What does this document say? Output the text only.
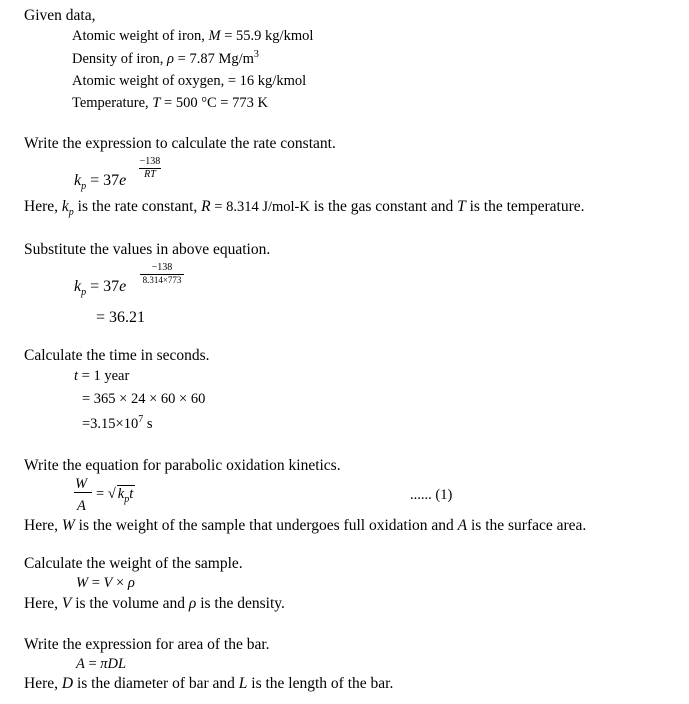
Given data,
Atomic weight of iron, M = 55.9 kg/kmol
Density of iron, ρ = 7.87 $Mg/m^3$
Atomic weight of oxygen, = 16 kg/kmol
Temperature, T = 500 °C = 773 K
Write the expression to calculate the rate constant.
−138
RT
$k_p = 37e$
Here, $k_p$ is the rate constant, R = 8.314 J/mol-K is the gas constant and T is the temperature.
Substitute the values in above equation.
−138
8.314×773
$k_p = 37e$
= 36.21
Calculate the time in seconds.
t = 1 year
= 365 × 24 × 60 × 60
$=3.15\times 10^7$ s
Write the equation for parabolic oxidation kinetics.
W
A
= √ $k_pt$	...... (1)
Here, W is the weight of the sample that undergoes full oxidation and A is the surface area.
Calculate the weight of the sample.
W = V × ρ
Here, V is the volume and ρ is the density.
Write the expression for area of the bar.
A = πDL
Here, D is the diameter of bar and L is the length of the bar.
